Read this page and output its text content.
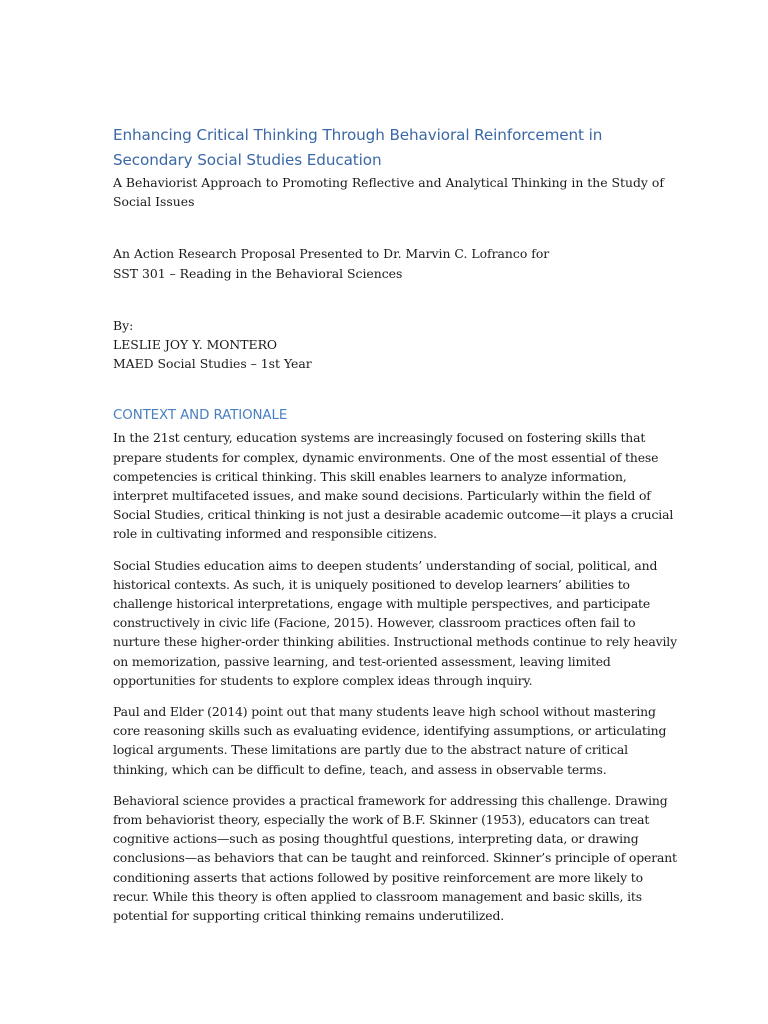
Enhancing Critical Thinking Through Behavioral Reinforcement in
Secondary Social Studies Education

A Behaviorist Approach to Promoting Reflective and Analytical Thinking in the Study of
Social Issues

An Action Research Proposal Presented to Dr. Marvin C. Lofranco for
SST 301 – Reading in the Behavioral Sciences

By:
LESLIE JOY Y. MONTERO
MAED Social Studies – 1st Year

CONTEXT AND RATIONALE

In the 21st century, education systems are increasingly focused on fostering skills that
prepare students for complex, dynamic environments. One of the most essential of these
competencies is critical thinking. This skill enables learners to analyze information,
interpret multifaceted issues, and make sound decisions. Particularly within the field of
Social Studies, critical thinking is not just a desirable academic outcome—it plays a crucial
role in cultivating informed and responsible citizens.

Social Studies education aims to deepen students’ understanding of social, political, and
historical contexts. As such, it is uniquely positioned to develop learners’ abilities to
challenge historical interpretations, engage with multiple perspectives, and participate
constructively in civic life (Facione, 2015). However, classroom practices often fail to
nurture these higher-order thinking abilities. Instructional methods continue to rely heavily
on memorization, passive learning, and test-oriented assessment, leaving limited
opportunities for students to explore complex ideas through inquiry.

Paul and Elder (2014) point out that many students leave high school without mastering
core reasoning skills such as evaluating evidence, identifying assumptions, or articulating
logical arguments. These limitations are partly due to the abstract nature of critical
thinking, which can be difficult to define, teach, and assess in observable terms.

Behavioral science provides a practical framework for addressing this challenge. Drawing
from behaviorist theory, especially the work of B.F. Skinner (1953), educators can treat
cognitive actions—such as posing thoughtful questions, interpreting data, or drawing
conclusions—as behaviors that can be taught and reinforced. Skinner’s principle of operant
conditioning asserts that actions followed by positive reinforcement are more likely to
recur. While this theory is often applied to classroom management and basic skills, its
potential for supporting critical thinking remains underutilized.
